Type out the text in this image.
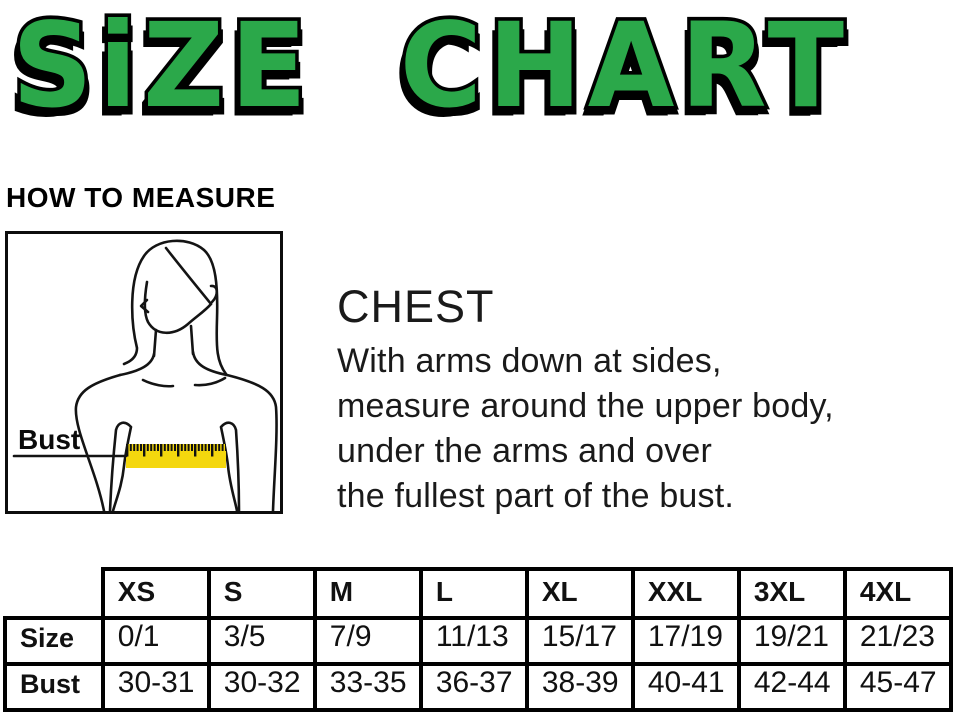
SiZE CHART
HOW TO MEASURE
Bust
CHEST
With arms down at sides,
measure around the upper body,
under the arms and over
the fullest part of the bust.
	XS	S	M	L	XL	XXL	3XL	4XL
Size	0/1	3/5	7/9	11/13	15/17	17/19	19/21	21/23
Bust	30-31	30-32	33-35	36-37	38-39	40-41	42-44	45-47
